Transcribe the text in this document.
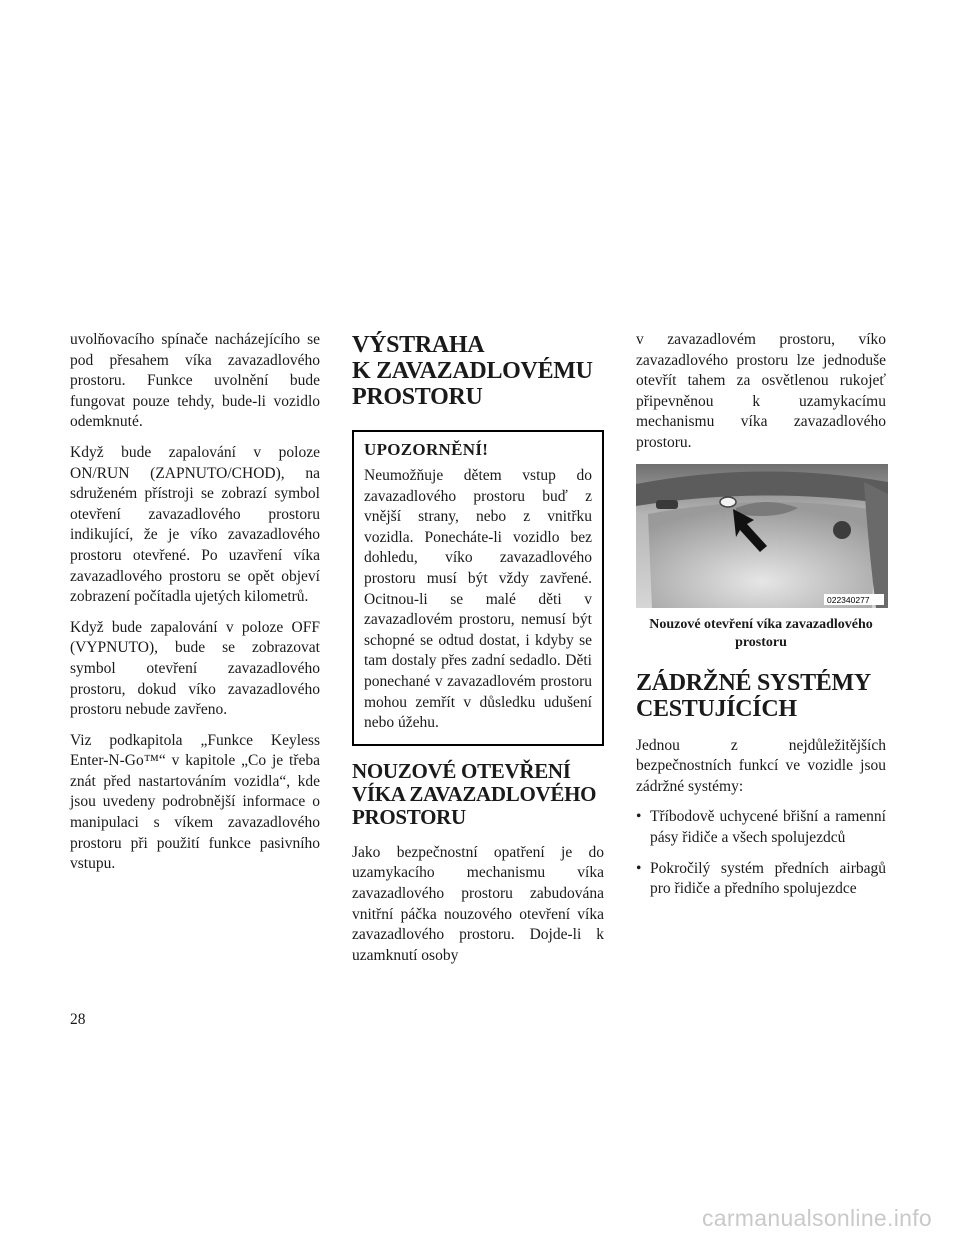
uvolňovacího spínače nacházejícího se pod přesahem víka zavazadlového prostoru. Funkce uvolnění bude fungovat pouze tehdy, bude-li vozidlo odemknuté.

Když bude zapalování v poloze ON/RUN (ZAPNUTO/CHOD), na sdruženém přístroji se zobrazí symbol otevření zavazadlového prostoru indikující, že je víko zavazadlového prostoru otevřené. Po uzavření víka zavazadlového prostoru se opět objeví zobrazení počítadla ujetých kilometrů.

Když bude zapalování v poloze OFF (VYPNUTO), bude se zobrazovat symbol otevření zavazadlového prostoru, dokud víko zavazadlového prostoru nebude zavřeno.

Viz podkapitola „Funkce Keyless Enter-N-Go™“ v kapitole „Co je třeba znát před nastartováním vozidla“, kde jsou uvedeny podrobnější informace o manipulaci s víkem zavazadlového prostoru při použití funkce pasivního vstupu.

VÝSTRAHA
K ZAVAZADLOVÉMU
PROSTORU
UPOZORNĚNÍ!

Neumožňuje dětem vstup do zavazadlového prostoru buď z vnější strany, nebo z vnitřku vozidla. Ponecháte-li vozidlo bez dohledu, víko zavazadlového prostoru musí být vždy zavřené. Ocitnou-li se malé děti v zavazadlovém prostoru, nemusí být schopné se odtud dostat, i kdyby se tam dostaly přes zadní sedadlo. Děti ponechané v zavazadlovém prostoru mohou zemřít v důsledku udušení nebo úžehu.

NOUZOVÉ OTEVŘENÍ
VÍKA ZAVAZADLOVÉHO
PROSTORU

Jako bezpečnostní opatření je do uzamykacího mechanismu víka zavazadlového prostoru zabudována vnitřní páčka nouzového otevření víka zavazadlového prostoru. Dojde-li k uzamknutí osoby

v zavazadlovém prostoru, víko zavazadlového prostoru lze jednoduše otevřít tahem za osvětlenou rukojeť připevněnou k uzamykacímu mechanismu víka zavazadlového prostoru.

022340277
Nouzové otevření víka zavazadlového prostoru
ZÁDRŽNÉ SYSTÉMY
CESTUJÍCÍCH

Jednou z nejdůležitějších bezpečnostních funkcí ve vozidle jsou zádržné systémy:

• Tříbodově uchycené břišní a ramenní pásy řidiče a všech spolujezdců
• Pokročilý systém předních airbagů pro řidiče a předního spolujezdce
28
carmanualsonline.info
